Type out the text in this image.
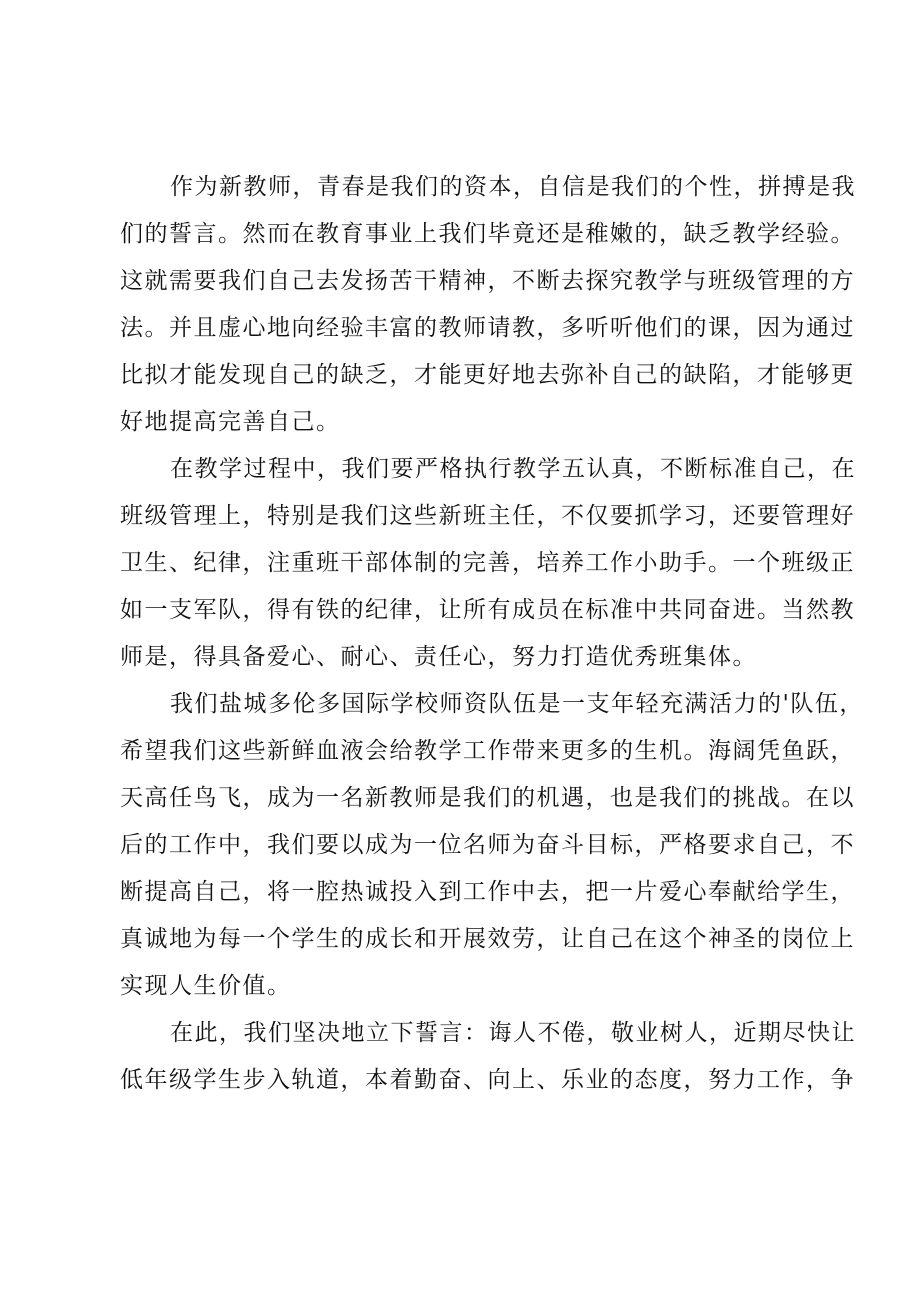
作为新教师，青春是我们的资本，自信是我们的个性，拼搏是我
们的誓言。然而在教育事业上我们毕竟还是稚嫩的，缺乏教学经验。
这就需要我们自己去发扬苦干精神，不断去探究教学与班级管理的方
法。并且虚心地向经验丰富的教师请教，多听听他们的课，因为通过
比拟才能发现自己的缺乏，才能更好地去弥补自己的缺陷，才能够更
好地提高完善自己。
在教学过程中，我们要严格执行教学五认真，不断标准自己，在
班级管理上，特别是我们这些新班主任，不仅要抓学习，还要管理好
卫生、纪律，注重班干部体制的完善，培养工作小助手。一个班级正
如一支军队，得有铁的纪律，让所有成员在标准中共同奋进。当然教
师是，得具备爱心、耐心、责任心，努力打造优秀班集体。
我们盐城多伦多国际学校师资队伍是一支年轻充满活力的'队伍，
希望我们这些新鲜血液会给教学工作带来更多的生机。海阔凭鱼跃，
天高任鸟飞，成为一名新教师是我们的机遇，也是我们的挑战。在以
后的工作中，我们要以成为一位名师为奋斗目标，严格要求自己，不
断提高自己，将一腔热诚投入到工作中去，把一片爱心奉献给学生，
真诚地为每一个学生的成长和开展效劳，让自己在这个神圣的岗位上
实现人生价值。
在此，我们坚决地立下誓言：诲人不倦，敬业树人，近期尽快让
低年级学生步入轨道，本着勤奋、向上、乐业的态度，努力工作，争
